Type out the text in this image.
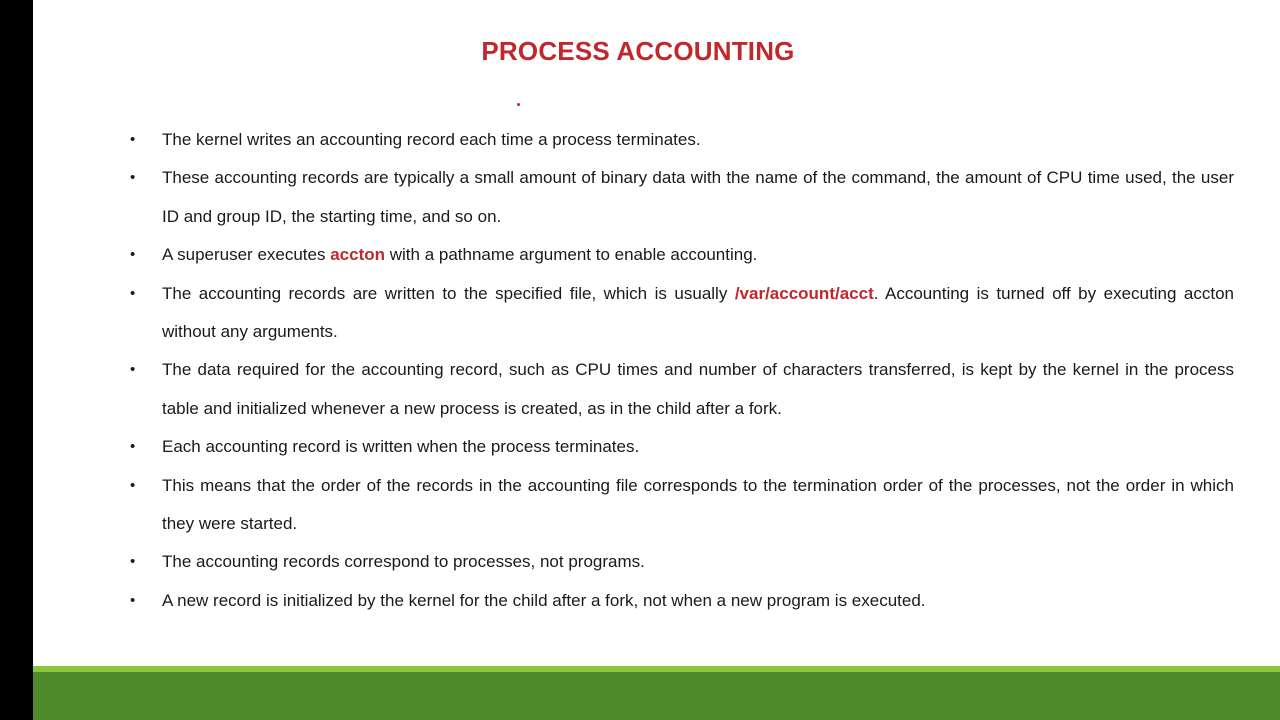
PROCESS ACCOUNTING
• The kernel writes an accounting record each time a process terminates.
• These accounting records are typically a small amount of binary data with the name of the command, the amount of CPU time used, the user ID and group ID, the starting time, and so on.
• A superuser executes accton with a pathname argument to enable accounting.
• The accounting records are written to the specified file, which is usually /var/account/acct. Accounting is turned off by executing accton without any arguments.
• The data required for the accounting record, such as CPU times and number of characters transferred, is kept by the kernel in the process table and initialized whenever a new process is created, as in the child after a fork.
• Each accounting record is written when the process terminates.
• This means that the order of the records in the accounting file corresponds to the termination order of the processes, not the order in which they were started.
• The accounting records correspond to processes, not programs.
• A new record is initialized by the kernel for the child after a fork, not when a new program is executed.
